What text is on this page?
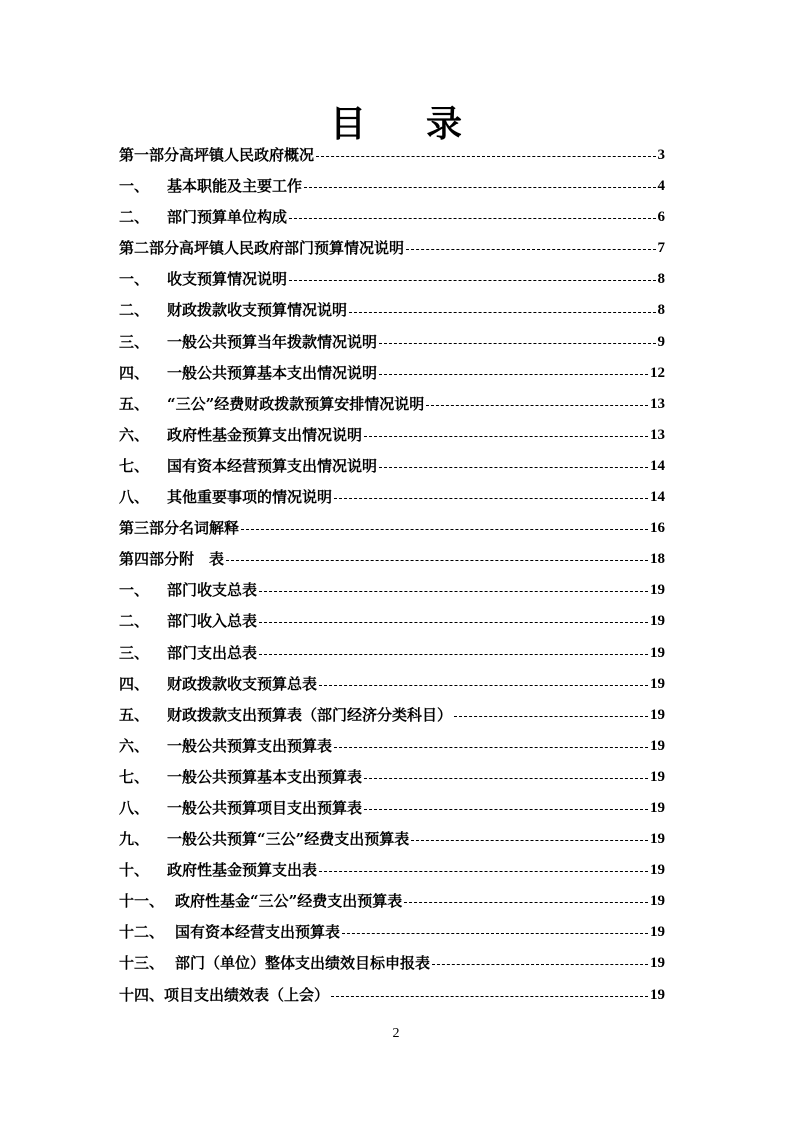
目 录
第一部分高坪镇人民政府概况	3
一、	基本职能及主要工作	4
二、	部门预算单位构成	6
第二部分高坪镇人民政府部门预算情况说明	7
一、	收支预算情况说明	8
二、	财政拨款收支预算情况说明	8
三、	一般公共预算当年拨款情况说明	9
四、	一般公共预算基本支出情况说明	12
五、	“三公”经费财政拨款预算安排情况说明	13
六、	政府性基金预算支出情况说明	13
七、	国有资本经营预算支出情况说明	14
八、	其他重要事项的情况说明	14
第三部分名词解释	16
第四部分附　表	18
一、	部门收支总表	19
二、	部门收入总表	19
三、	部门支出总表	19
四、	财政拨款收支预算总表	19
五、	财政拨款支出预算表（部门经济分类科目）	19
六、	一般公共预算支出预算表	19
七、	一般公共预算基本支出预算表	19
八、	一般公共预算项目支出预算表	19
九、	一般公共预算“三公”经费支出预算表	19
十、	政府性基金预算支出表	19
十一、 政府性基金“三公”经费支出预算表	19
十二、 国有资本经营支出预算表	19
十三、 部门（单位）整体支出绩效目标申报表	19
十四、 项目支出绩效表（上会）	19
2
